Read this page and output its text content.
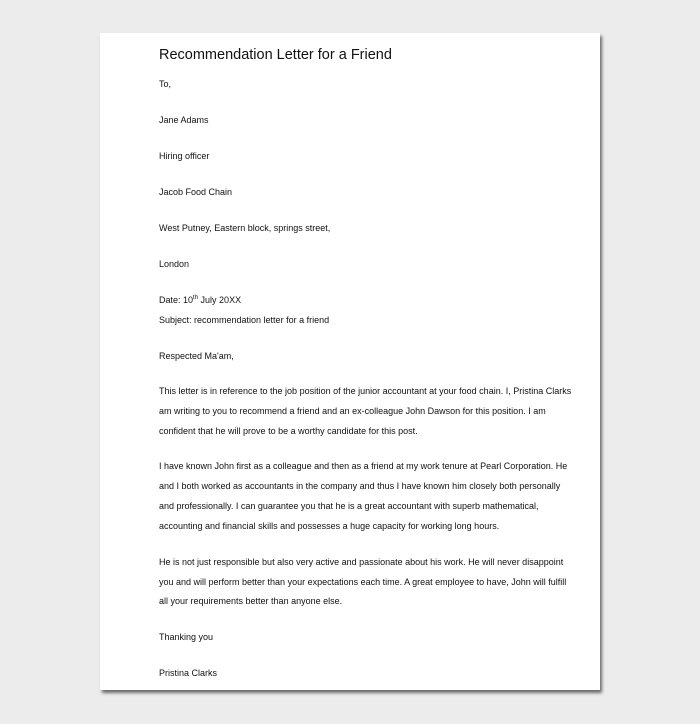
Recommendation Letter for a Friend
To,
Jane Adams
Hiring officer
Jacob Food Chain
West Putney, Eastern block, springs street,
London
Date: 10th July 20XX
Subject: recommendation letter for a friend
Respected Ma'am,
This letter is in reference to the job position of the junior accountant at your food chain. I, Pristina Clarks
am writing to you to recommend a friend and an ex-colleague John Dawson for this position. I am
confident that he will prove to be a worthy candidate for this post.
I have known John first as a colleague and then as a friend at my work tenure at Pearl Corporation. He
and I both worked as accountants in the company and thus I have known him closely both personally
and professionally. I can guarantee you that he is a great accountant with superb mathematical,
accounting and financial skills and possesses a huge capacity for working long hours.
He is not just responsible but also very active and passionate about his work. He will never disappoint
you and will perform better than your expectations each time. A great employee to have, John will fulfill
all your requirements better than anyone else.
Thanking you
Pristina Clarks
